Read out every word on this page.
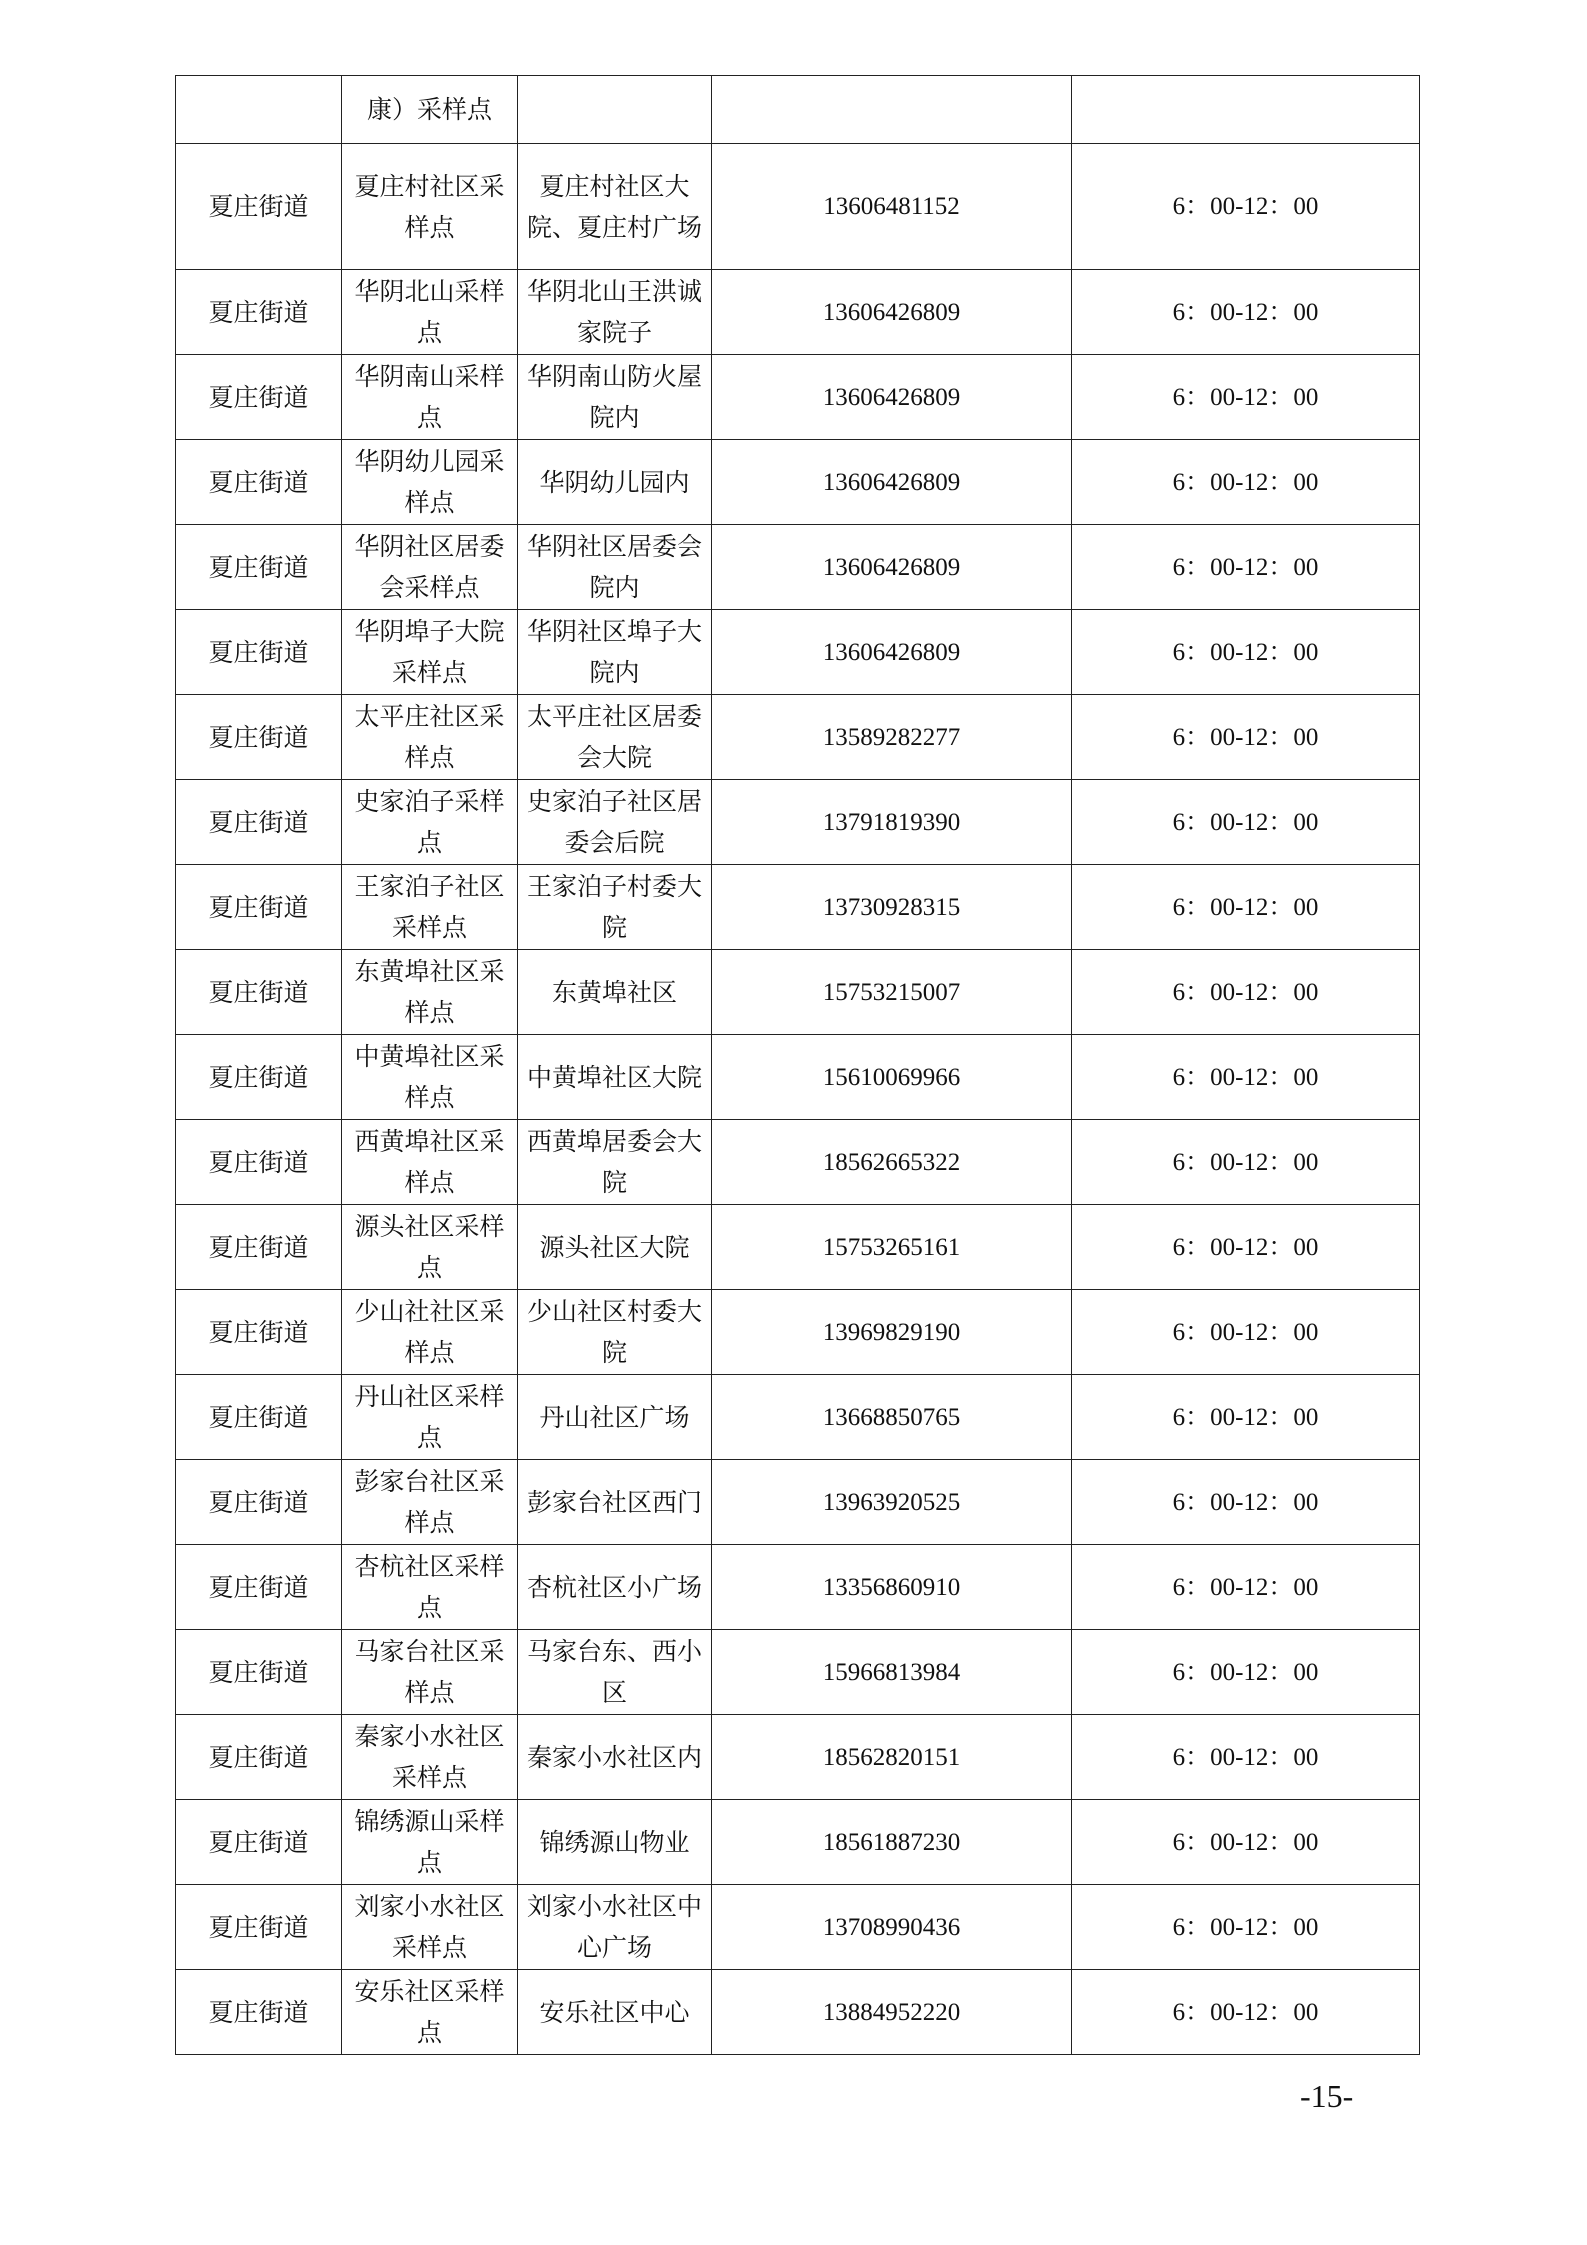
	康）采样点			
夏庄街道	夏庄村社区采样点	夏庄村社区大院、夏庄村广场	13606481152	6：00-12：00
夏庄街道	华阴北山采样点	华阴北山王洪诚家院子	13606426809	6：00-12：00
夏庄街道	华阴南山采样点	华阴南山防火屋院内	13606426809	6：00-12：00
夏庄街道	华阴幼儿园采样点	华阴幼儿园内	13606426809	6：00-12：00
夏庄街道	华阴社区居委会采样点	华阴社区居委会院内	13606426809	6：00-12：00
夏庄街道	华阴埠子大院采样点	华阴社区埠子大院内	13606426809	6：00-12：00
夏庄街道	太平庄社区采样点	太平庄社区居委会大院	13589282277	6：00-12：00
夏庄街道	史家泊子采样点	史家泊子社区居委会后院	13791819390	6：00-12：00
夏庄街道	王家泊子社区采样点	王家泊子村委大院	13730928315	6：00-12：00
夏庄街道	东黄埠社区采样点	东黄埠社区	15753215007	6：00-12：00
夏庄街道	中黄埠社区采样点	中黄埠社区大院	15610069966	6：00-12：00
夏庄街道	西黄埠社区采样点	西黄埠居委会大院	18562665322	6：00-12：00
夏庄街道	源头社区采样点	源头社区大院	15753265161	6：00-12：00
夏庄街道	少山社社区采样点	少山社区村委大院	13969829190	6：00-12：00
夏庄街道	丹山社区采样点	丹山社区广场	13668850765	6：00-12：00
夏庄街道	彭家台社区采样点	彭家台社区西门	13963920525	6：00-12：00
夏庄街道	杏杭社区采样点	杏杭社区小广场	13356860910	6：00-12：00
夏庄街道	马家台社区采样点	马家台东、西小区	15966813984	6：00-12：00
夏庄街道	秦家小水社区采样点	秦家小水社区内	18562820151	6：00-12：00
夏庄街道	锦绣源山采样点	锦绣源山物业	18561887230	6：00-12：00
夏庄街道	刘家小水社区采样点	刘家小水社区中心广场	13708990436	6：00-12：00
夏庄街道	安乐社区采样点	安乐社区中心	13884952220	6：00-12：00
-15-
